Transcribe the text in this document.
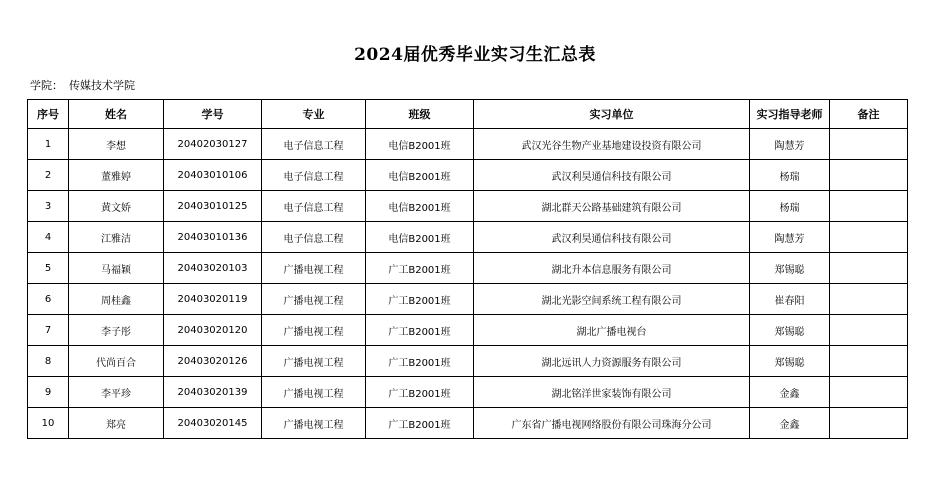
2024届优秀毕业实习生汇总表
学院： 传媒技术学院
序号	姓名	学号	专业	班级	实习单位	实习指导老师	备注
1	李想	20402030127	电子信息工程	电信B2001班	武汉光谷生物产业基地建设投资有限公司	陶慧芳	
2	董雅婷	20403010106	电子信息工程	电信B2001班	武汉利昊通信科技有限公司	杨瑞	
3	黄文娇	20403010125	电子信息工程	电信B2001班	湖北群天公路基础建筑有限公司	杨瑞	
4	江雅洁	20403010136	电子信息工程	电信B2001班	武汉利昊通信科技有限公司	陶慧芳	
5	马福颖	20403020103	广播电视工程	广工B2001班	湖北升本信息服务有限公司	郑锡聪	
6	周桂鑫	20403020119	广播电视工程	广工B2001班	湖北光影空间系统工程有限公司	崔春阳	
7	李子彤	20403020120	广播电视工程	广工B2001班	湖北广播电视台	郑锡聪	
8	代尚百合	20403020126	广播电视工程	广工B2001班	湖北远讯人力资源服务有限公司	郑锡聪	
9	李平珍	20403020139	广播电视工程	广工B2001班	湖北铭洋世家装饰有限公司	金鑫	
10	郑亮	20403020145	广播电视工程	广工B2001班	广东省广播电视网络股份有限公司珠海分公司	金鑫	
